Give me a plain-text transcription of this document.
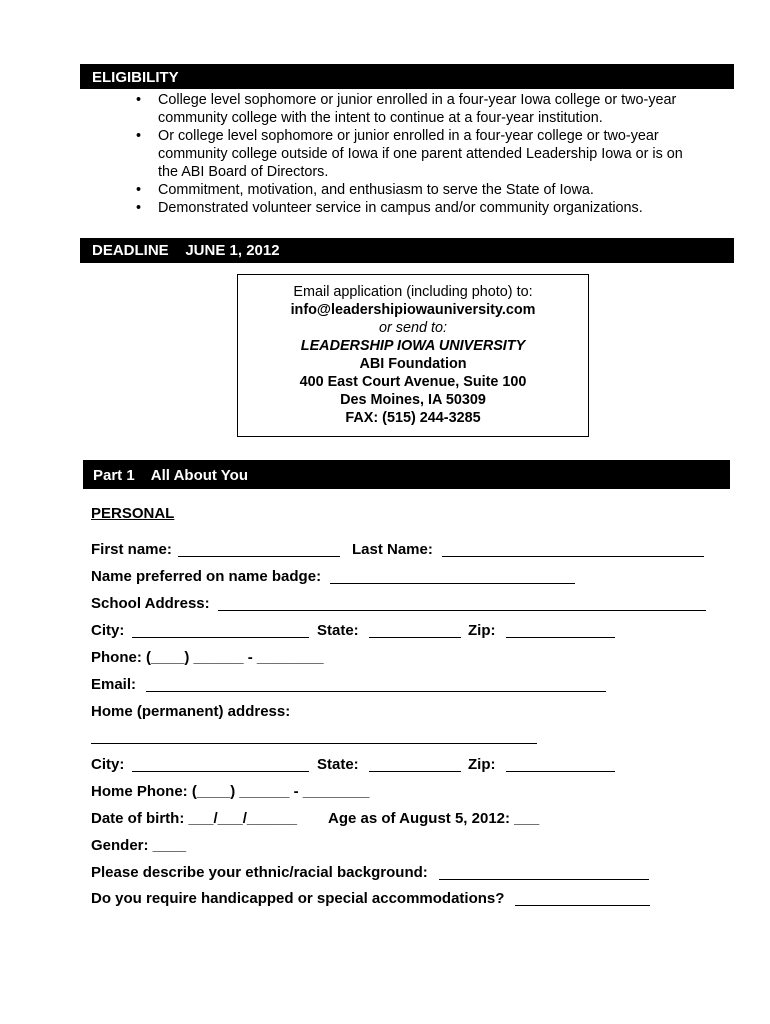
ELIGIBILITY
• College level sophomore or junior enrolled in a four-year Iowa college or two-year
community college with the intent to continue at a four-year institution.
• Or college level sophomore or junior enrolled in a four-year college or two-year
community college outside of Iowa if one parent attended Leadership Iowa or is on
the ABI Board of Directors.
• Commitment, motivation, and enthusiasm to serve the State of Iowa.
• Demonstrated volunteer service in campus and/or community organizations.
DEADLINE    JUNE 1, 2012
Email application (including photo) to:
info@leadershipiowauniversity.com
or send to:
LEADERSHIP IOWA UNIVERSITY
ABI Foundation
400 East Court Avenue, Suite 100
Des Moines, IA 50309
FAX: (515) 244-3285
Part 1    All About You
PERSONAL
First name:	Last Name:
Name preferred on name badge:
School Address:
City:	State:	Zip:
Phone: (____) ______ - ________
Email:
Home (permanent) address:
City:	State:	Zip:
Home Phone: (____) ______ - ________
Date of birth: ___/___/______ Age as of August 5, 2012: ___
Gender: ____
Please describe your ethnic/racial background:
Do you require handicapped or special accommodations?
